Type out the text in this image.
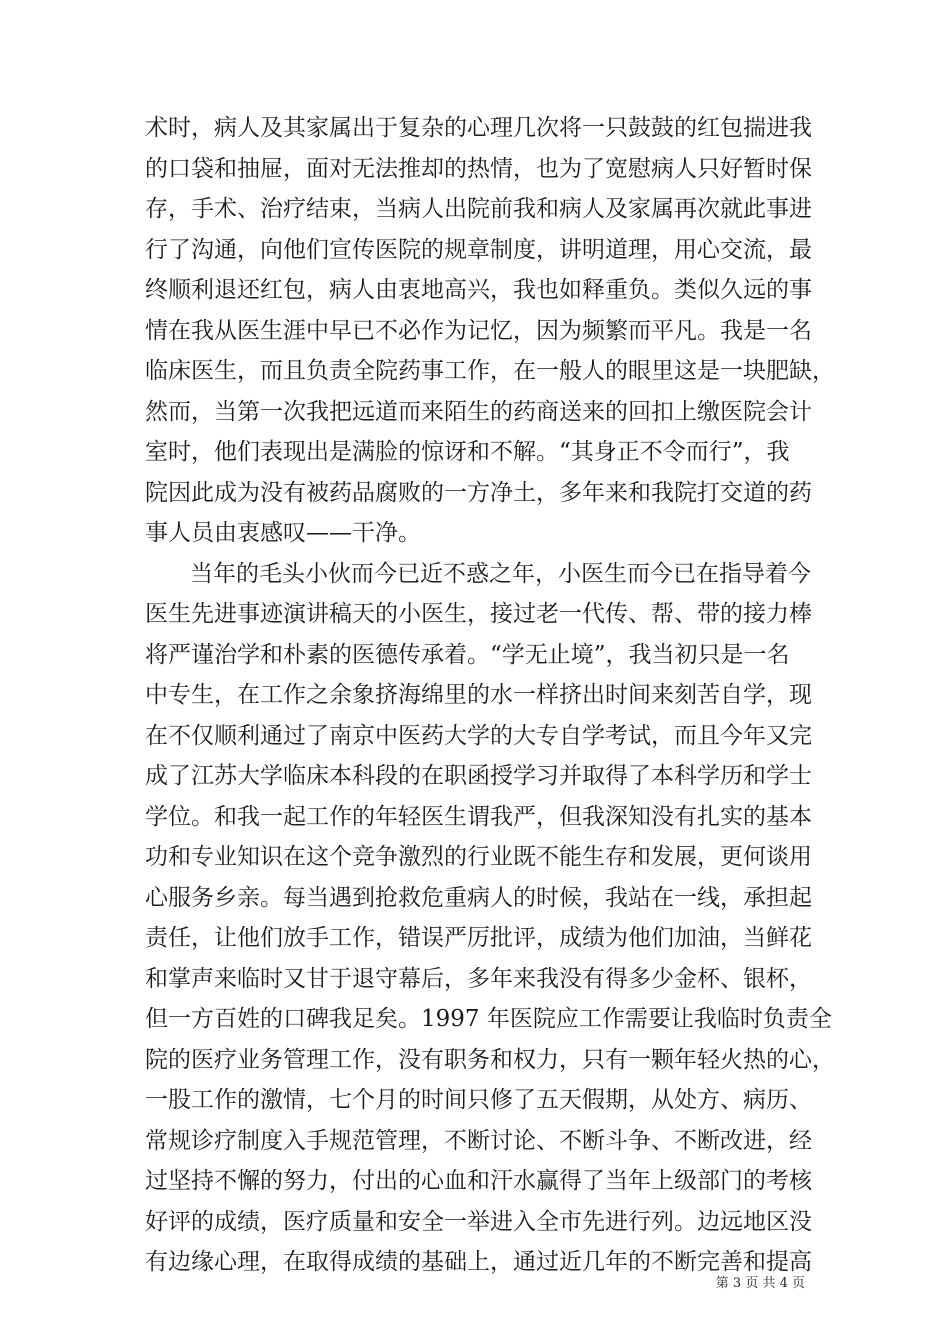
术时，病人及其家属出于复杂的心理几次将一只鼓鼓的红包揣进我
的口袋和抽屉，面对无法推却的热情，也为了宽慰病人只好暂时保
存，手术、治疗结束，当病人出院前我和病人及家属再次就此事进
行了沟通，向他们宣传医院的规章制度，讲明道理，用心交流，最
终顺利退还红包，病人由衷地高兴，我也如释重负。类似久远的事
情在我从医生涯中早已不必作为记忆，因为频繁而平凡。我是一名
临床医生，而且负责全院药事工作，在一般人的眼里这是一块肥缺，
然而，当第一次我把远道而来陌生的药商送来的回扣上缴医院会计
室时，他们表现出是满脸的惊讶和不解。“其身正不令而行”，我
院因此成为没有被药品腐败的一方净土，多年来和我院打交道的药
事人员由衷感叹——干净。
当年的毛头小伙而今已近不惑之年，小医生而今已在指导着今
医生先进事迹演讲稿天的小医生，接过老一代传、帮、带的接力棒
将严谨治学和朴素的医德传承着。“学无止境”，我当初只是一名
中专生，在工作之余象挤海绵里的水一样挤出时间来刻苦自学，现
在不仅顺利通过了南京中医药大学的大专自学考试，而且今年又完
成了江苏大学临床本科段的在职函授学习并取得了本科学历和学士
学位。和我一起工作的年轻医生谓我严，但我深知没有扎实的基本
功和专业知识在这个竞争激烈的行业既不能生存和发展，更何谈用
心服务乡亲。每当遇到抢救危重病人的时候，我站在一线，承担起
责任，让他们放手工作，错误严厉批评，成绩为他们加油，当鲜花
和掌声来临时又甘于退守幕后，多年来我没有得多少金杯、银杯，
但一方百姓的口碑我足矣。1997 年医院应工作需要让我临时负责全
院的医疗业务管理工作，没有职务和权力，只有一颗年轻火热的心，
一股工作的激情，七个月的时间只修了五天假期，从处方、病历、
常规诊疗制度入手规范管理，不断讨论、不断斗争、不断改进，经
过坚持不懈的努力，付出的心血和汗水赢得了当年上级部门的考核
好评的成绩，医疗质量和安全一举进入全市先进行列。边远地区没
有边缘心理，在取得成绩的基础上，通过近几年的不断完善和提高
第 3 页 共 4 页
